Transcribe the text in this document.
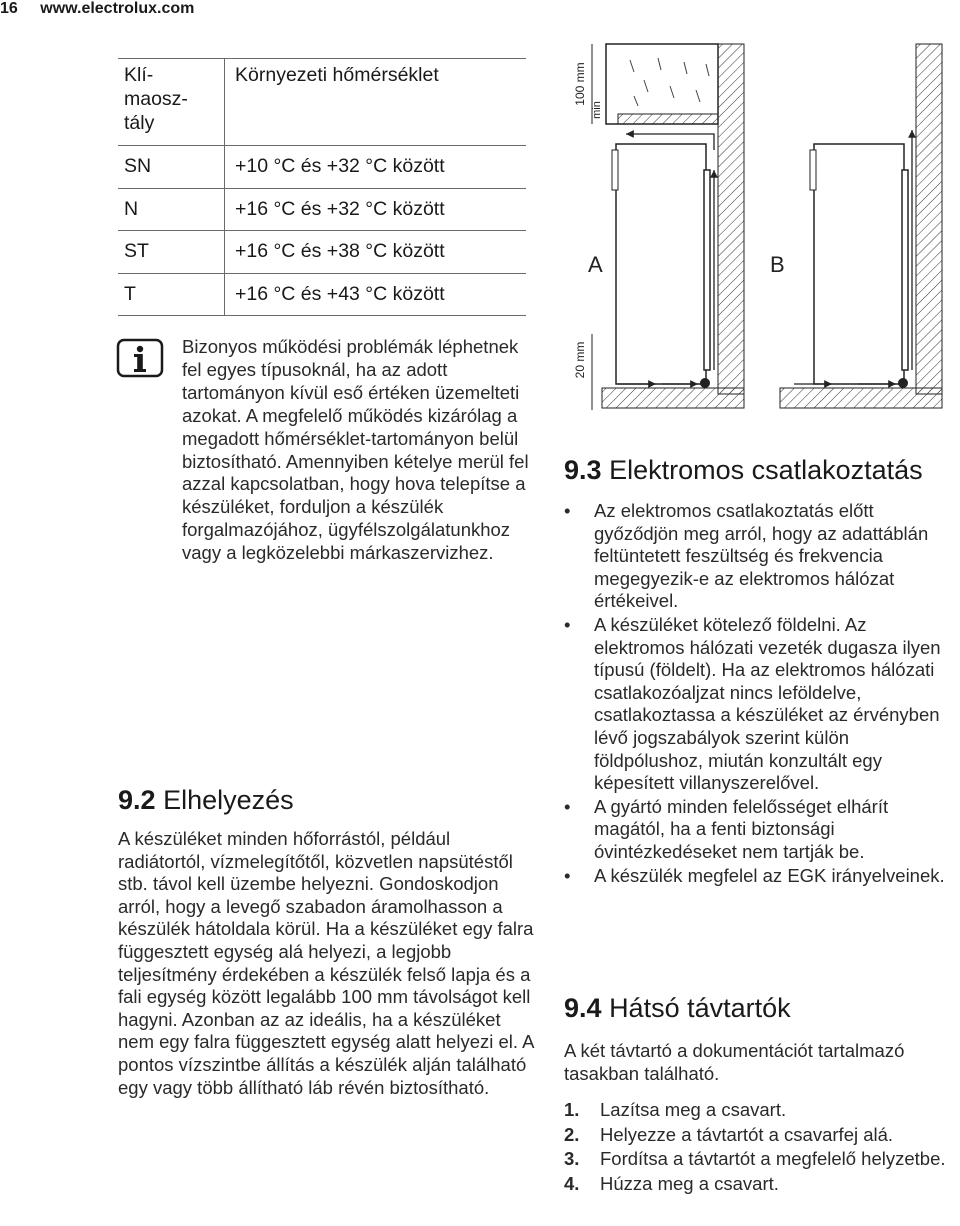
16 www.electrolux.com
Klí-
maosz-
tály	Környezeti hőmérséklet
SN	+10 °C és +32 °C között
N	+16 °C és +32 °C között
ST	+16 °C és +38 °C között
T	+16 °C és +43 °C között
Bizonyos működési problémák léphetnek fel egyes típusoknál, ha az adott tartományon kívül eső értéken üzemelteti azokat. A megfelelő működés kizárólag a megadott hőmérséklet-tartományon belül biztosítható. Amennyiben kételye merül fel azzal kapcsolatban, hogy hova telepítse a készüléket, forduljon a készülék forgalmazójához, ügyfélszolgálatunkhoz vagy a legközelebbi márkaszervizhez.
9.2 Elhelyezés
A készüléket minden hőforrástól, például radiátortól, vízmelegítőtől, közvetlen napsütéstől stb. távol kell üzembe helyezni. Gondoskodjon arról, hogy a levegő szabadon áramolhasson a készülék hátoldala körül. Ha a készüléket egy falra függesztett egység alá helyezi, a legjobb teljesítmény érdekében a készülék felső lapja és a fali egység között legalább 100 mm távolságot kell hagyni. Azonban az az ideális, ha a készüléket nem egy falra függesztett egység alatt helyezi el. A pontos vízszintbe állítás a készülék alján található egy vagy több állítható láb révén biztosítható.
100 mm
min
20 mm
A	B
9.3 Elektromos csatlakoztatás
• Az elektromos csatlakoztatás előtt győződjön meg arról, hogy az adattáblán feltüntetett feszültség és frekvencia megegyezik-e az elektromos hálózat értékeivel.
• A készüléket kötelező földelni. Az elektromos hálózati vezeték dugasza ilyen típusú (földelt). Ha az elektromos hálózati csatlakozóaljzat nincs leföldelve, csatlakoztassa a készüléket az érvényben lévő jogszabályok szerint külön földpólushoz, miután konzultált egy képesített villanyszerelővel.
• A gyártó minden felelősséget elhárít magától, ha a fenti biztonsági óvintézkedéseket nem tartják be.
• A készülék megfelel az EGK irányelveinek.
9.4 Hátsó távtartók
A két távtartó a dokumentációt tartalmazó tasakban található.
1. Lazítsa meg a csavart.
2. Helyezze a távtartót a csavarfej alá.
3. Fordítsa a távtartót a megfelelő helyzetbe.
4. Húzza meg a csavart.
